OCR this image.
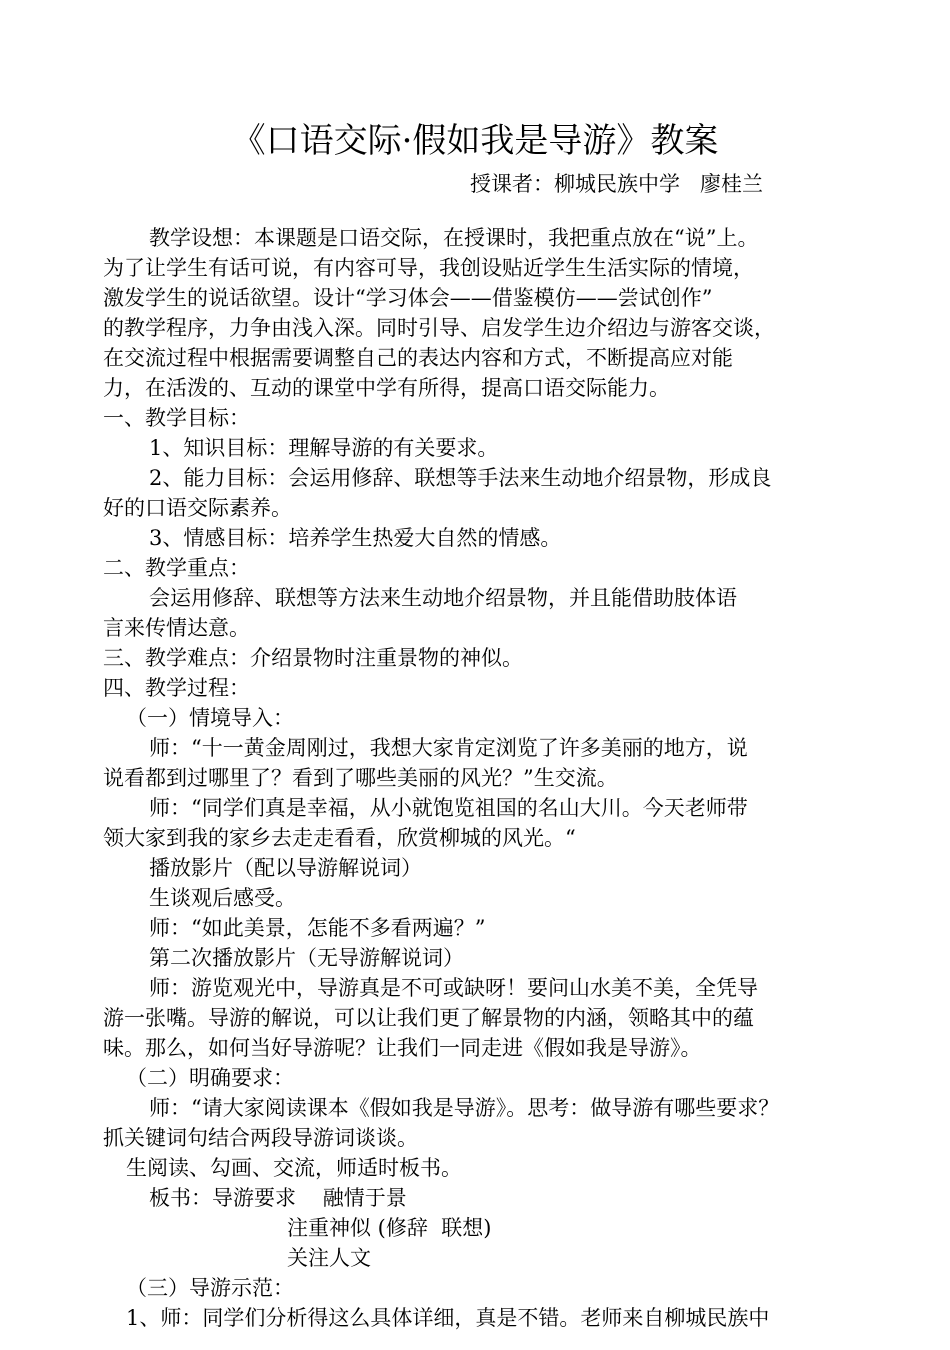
《口语交际·假如我是导游》教案
授课者：柳城民族中学   廖桂兰

教学设想：本课题是口语交际，在授课时，我把重点放在“说”上。

为了让学生有话可说，有内容可导，我创设贴近学生生活实际的情境，

激发学生的说话欲望。设计“学习体会——借鉴模仿——尝试创作”

的教学程序，力争由浅入深。同时引导、启发学生边介绍边与游客交谈，

在交流过程中根据需要调整自己的表达内容和方式，不断提高应对能

力，在活泼的、互动的课堂中学有所得，提高口语交际能力。

一、教学目标：

1、知识目标：理解导游的有关要求。

2、能力目标：会运用修辞、联想等手法来生动地介绍景物，形成良

好的口语交际素养。

3、情感目标：培养学生热爱大自然的情感。

二、教学重点：

会运用修辞、联想等方法来生动地介绍景物，并且能借助肢体语

言来传情达意。

三、教学难点：介绍景物时注重景物的神似。

四、教学过程：

（一）情境导入：

师：“十一黄金周刚过，我想大家肯定浏览了许多美丽的地方，说

说看都到过哪里了？看到了哪些美丽的风光？”生交流。

师：“同学们真是幸福，从小就饱览祖国的名山大川。今天老师带

领大家到我的家乡去走走看看，欣赏柳城的风光。“

播放影片（配以导游解说词）

生谈观后感受。

师：“如此美景，怎能不多看两遍？”

第二次播放影片（无导游解说词）

师：游览观光中，导游真是不可或缺呀！要问山水美不美，全凭导

游一张嘴。导游的解说，可以让我们更了解景物的内涵，领略其中的蕴

味。那么，如何当好导游呢？让我们一同走进《假如我是导游》。

（二）明确要求：

师：“请大家阅读课本《假如我是导游》。思考：做导游有哪些要求？

抓关键词句结合两段导游词谈谈。

生阅读、勾画、交流，师适时板书。

板书：导游要求    融情于景

注重神似 (修辞  联想)

关注人文

（三）导游示范：

1、师：同学们分析得这么具体详细，真是不错。老师来自柳城民族中
